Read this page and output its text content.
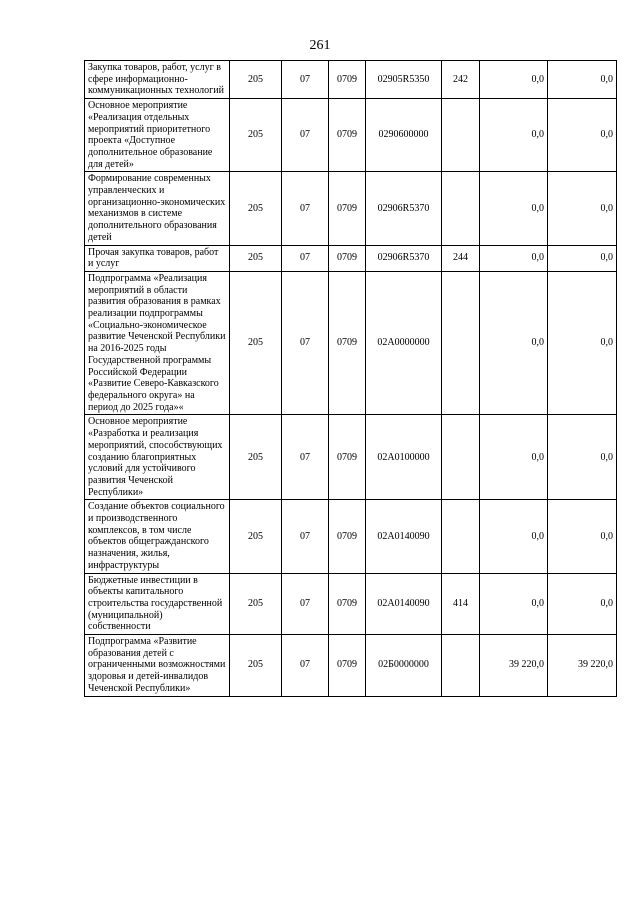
261
Закупка товаров, работ, услуг в сфере информационно-коммуникационных технологий	205	07	0709	02905R5350	242	0,0	0,0
Основное мероприятие «Реализация отдельных мероприятий приоритетного проекта «Доступное дополнительное образование для детей»	205	07	0709	0290600000		0,0	0,0
Формирование современных управленческих и организационно-экономических механизмов в системе дополнительного образования детей	205	07	0709	02906R5370		0,0	0,0
Прочая закупка товаров, работ и услуг	205	07	0709	02906R5370	244	0,0	0,0
Подпрограмма «Реализация мероприятий в области развития образования в рамках реализации подпрограммы «Социально-экономическое развитие Чеченской Республики на 2016-2025 годы Государственной программы Российской Федерации «Развитие Северо-Кавказского федерального округа» на период до 2025 года»«	205	07	0709	02А0000000		0,0	0,0
Основное мероприятие «Разработка и реализация мероприятий, способствующих созданию благоприятных условий для устойчивого развития Чеченской Республики»	205	07	0709	02А0100000		0,0	0,0
Создание объектов социального и производственного комплексов, в том числе объектов общегражданского назначения, жилья, инфраструктуры	205	07	0709	02А0140090		0,0	0,0
Бюджетные инвестиции в объекты капитального строительства государственной (муниципальной) собственности	205	07	0709	02А0140090	414	0,0	0,0
Подпрограмма «Развитие образования детей с ограниченными возможностями здоровья и детей-инвалидов Чеченской Республики»	205	07	0709	02Б0000000		39 220,0	39 220,0
